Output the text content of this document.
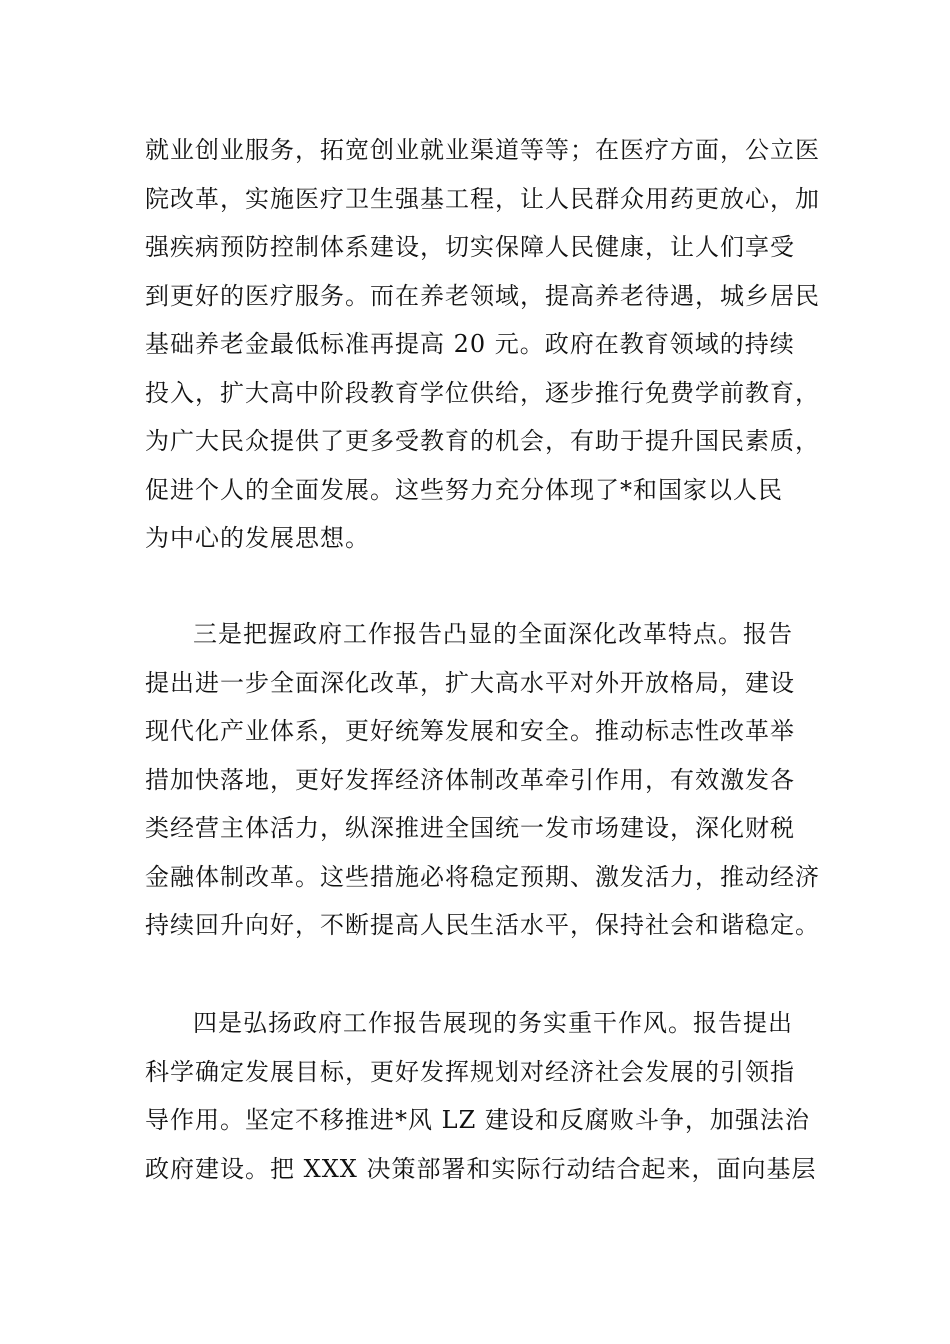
就业创业服务，拓宽创业就业渠道等等；在医疗方面，公立医
院改革，实施医疗卫生强基工程，让人民群众用药更放心，加
强疾病预防控制体系建设，切实保障人民健康，让人们享受
到更好的医疗服务。而在养老领域，提高养老待遇，城乡居民
基础养老金最低标准再提高 20 元。政府在教育领域的持续
投入，扩大高中阶段教育学位供给，逐步推行免费学前教育，
为广大民众提供了更多受教育的机会，有助于提升国民素质，
促进个人的全面发展。这些努力充分体现了*和国家以人民
为中心的发展思想。
三是把握政府工作报告凸显的全面深化改革特点。报告
提出进一步全面深化改革，扩大高水平对外开放格局，建设
现代化产业体系，更好统筹发展和安全。推动标志性改革举
措加快落地，更好发挥经济体制改革牵引作用，有效激发各
类经营主体活力，纵深推进全国统一发市场建设，深化财税
金融体制改革。这些措施必将稳定预期、激发活力，推动经济
持续回升向好，不断提高人民生活水平，保持社会和谐稳定。
四是弘扬政府工作报告展现的务实重干作风。报告提出
科学确定发展目标，更好发挥规划对经济社会发展的引领指
导作用。坚定不移推进*风 LZ 建设和反腐败斗争，加强法治
政府建设。把 XXX 决策部署和实际行动结合起来，面向基层
